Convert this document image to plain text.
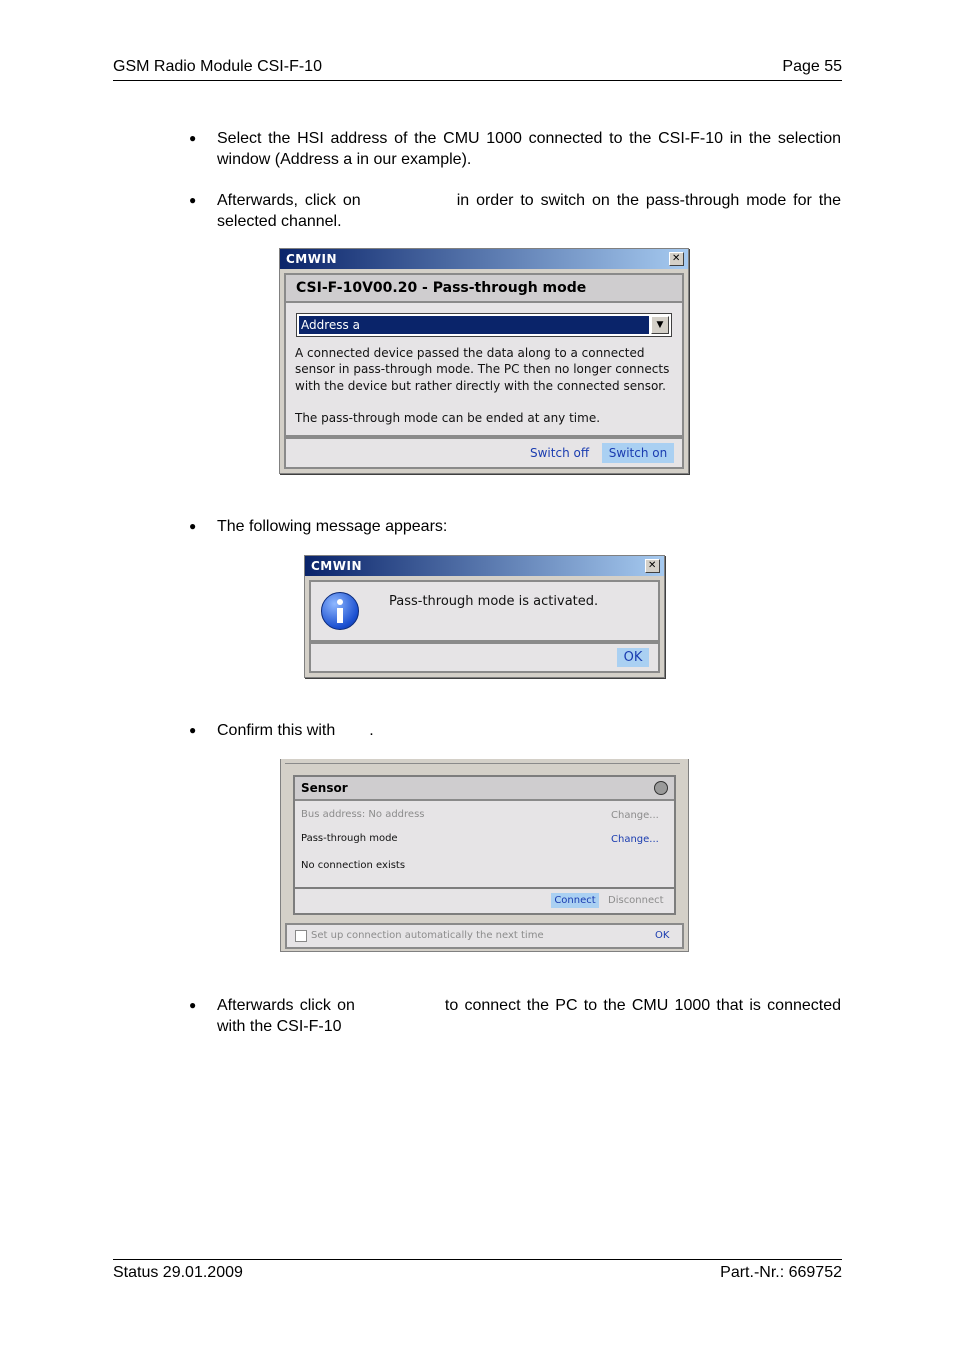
GSM Radio Module CSI-F-10	Page 55
● Select the HSI address of the CMU 1000 connected to the CSI-F-10 in the selection window (Address a in our example).
● Afterwards, click on	in order to switch on the pass-through mode for the selected channel.
CMWIN	✕
CSI-F-10V00.20 - Pass-through mode
Address a	▼
A connected device passed the data along to a connected sensor in pass-through mode. The PC then no longer connects with the device but rather directly with the connected sensor.
The pass-through mode can be ended at any time.
Switch off	Switch on
● The following message appears:
CMWIN	✕
Pass-through mode is activated.
OK
● Confirm this with .
Sensor
Bus address: No address	Change...
Pass-through mode	Change...
No connection exists
Connect	Disconnect
Set up connection automatically the next time	OK
● Afterwards click on	to connect the PC to the CMU 1000 that is connected with the CSI-F-10
Status 29.01.2009	Part.-Nr.: 669752
